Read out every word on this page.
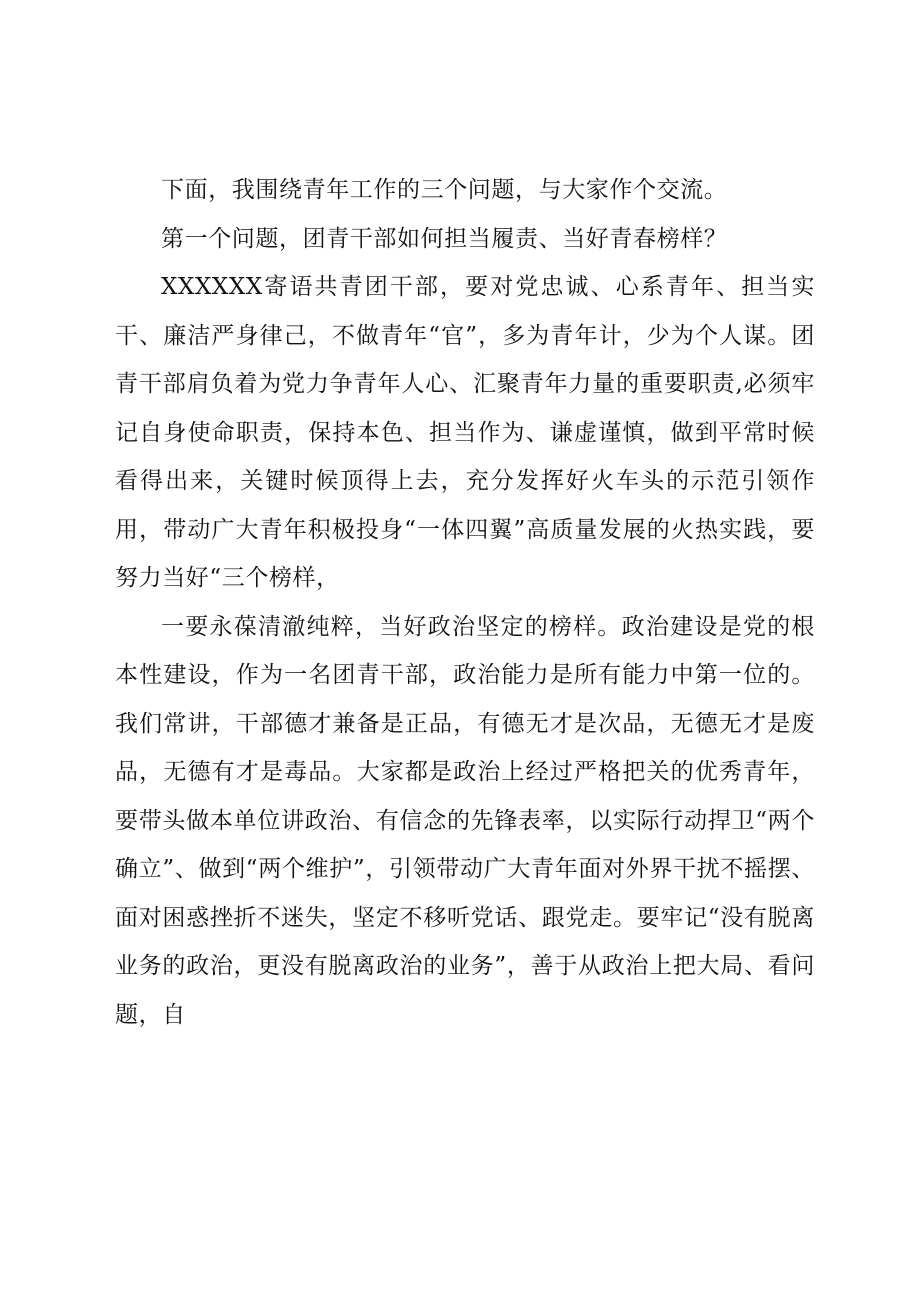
下面，我围绕青年工作的三个问题，与大家作个交流。

第一个问题，团青干部如何担当履责、当好青春榜样？

XXXXXX寄语共青团干部，要对党忠诚、心系青年、担当实干、廉洁严身律己，不做青年“官”，多为青年计，少为个人谋。团青干部肩负着为党力争青年人心、汇聚青年力量的重要职责,必须牢记自身使命职责，保持本色、担当作为、谦虚谨慎，做到平常时候看得出来，关键时候顶得上去，充分发挥好火车头的示范引领作用，带动广大青年积极投身“一体四翼”高质量发展的火热实践，要努力当好“三个榜样，

一要永葆清澈纯粹，当好政治坚定的榜样。政治建设是党的根本性建设，作为一名团青干部，政治能力是所有能力中第一位的。我们常讲，干部德才兼备是正品，有德无才是次品，无德无才是废品，无德有才是毒品。大家都是政治上经过严格把关的优秀青年，要带头做本单位讲政治、有信念的先锋表率，以实际行动捍卫“两个确立”、做到“两个维护”，引领带动广大青年面对外界干扰不摇摆、面对困惑挫折不迷失，坚定不移听党话、跟党走。要牢记“没有脱离业务的政治，更没有脱离政治的业务”，善于从政治上把大局、看问题，自
